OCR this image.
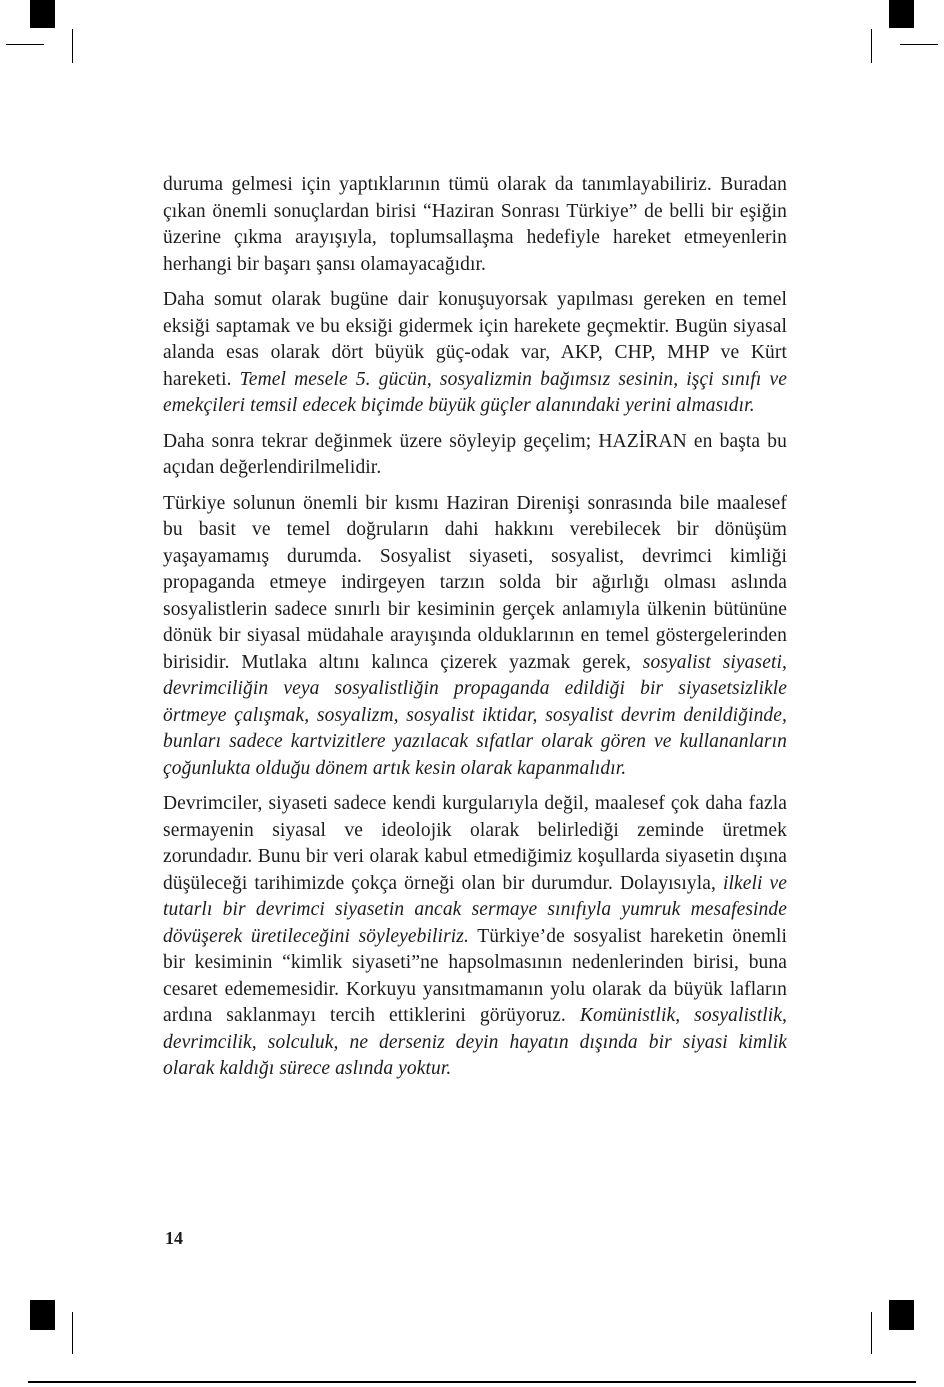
duruma gelmesi için yaptıklarının tümü olarak da tanımlayabiliriz. Buradan çıkan önemli sonuçlardan birisi “Haziran Sonrası Türkiye” de belli bir eşiğin üzerine çıkma arayışıyla, toplumsallaşma hedefiyle hareket etmeyenlerin herhangi bir başarı şansı olamayacağıdır.

Daha somut olarak bugüne dair konuşuyorsak yapılması gereken en temel eksiği saptamak ve bu eksiği gidermek için harekete geçmektir. Bugün siyasal alanda esas olarak dört büyük güç-odak var, AKP, CHP, MHP ve Kürt hareketi. Temel mesele 5. gücün, sosyalizmin bağımsız sesinin, işçi sınıfı ve emekçileri temsil edecek biçimde büyük güçler alanındaki yerini almasıdır.

Daha sonra tekrar değinmek üzere söyleyip geçelim; HAZİRAN en başta bu açıdan değerlendirilmelidir.

Türkiye solunun önemli bir kısmı Haziran Direnişi sonrasında bile maalesef bu basit ve temel doğruların dahi hakkını verebilecek bir dönüşüm yaşayamamış durumda. Sosyalist siyaseti, sosyalist, devrimci kimliği propaganda etmeye indirgeyen tarzın solda bir ağırlığı olması aslında sosyalistlerin sadece sınırlı bir kesiminin gerçek anlamıyla ülkenin bütününe dönük bir siyasal müdahale arayışında olduklarının en temel göstergelerinden birisidir. Mutlaka altını kalınca çizerek yazmak gerek, sosyalist siyaseti, devrimciliğin veya sosyalistliğin propaganda edildiği bir siyasetsizlikle örtmeye çalışmak, sosyalizm, sosyalist iktidar, sosyalist devrim denildiğinde, bunları sadece kartvizitlere yazılacak sıfatlar olarak gören ve kullananların çoğunlukta olduğu dönem artık kesin olarak kapanmalıdır.

Devrimciler, siyaseti sadece kendi kurgularıyla değil, maalesef çok daha fazla sermayenin siyasal ve ideolojik olarak belirlediği zeminde üretmek zorundadır. Bunu bir veri olarak kabul etmediğimiz koşullarda siyasetin dışına düşüleceği tarihimizde çokça örneği olan bir durumdur. Dolayısıyla, ilkeli ve tutarlı bir devrimci siyasetin ancak sermaye sınıfıyla yumruk mesafesinde dövüşerek üretileceğini söyleyebiliriz. Türkiye’de sosyalist hareketin önemli bir kesiminin “kimlik siyaseti”ne hapsolmasının nedenlerinden birisi, buna cesaret edememesidir. Korkuyu yansıtmamanın yolu olarak da büyük lafların ardına saklanmayı tercih ettiklerini görüyoruz. Komünistlik, sosyalistlik, devrimcilik, solculuk, ne derseniz deyin hayatın dışında bir siyasi kimlik olarak kaldığı sürece aslında yoktur.

14
